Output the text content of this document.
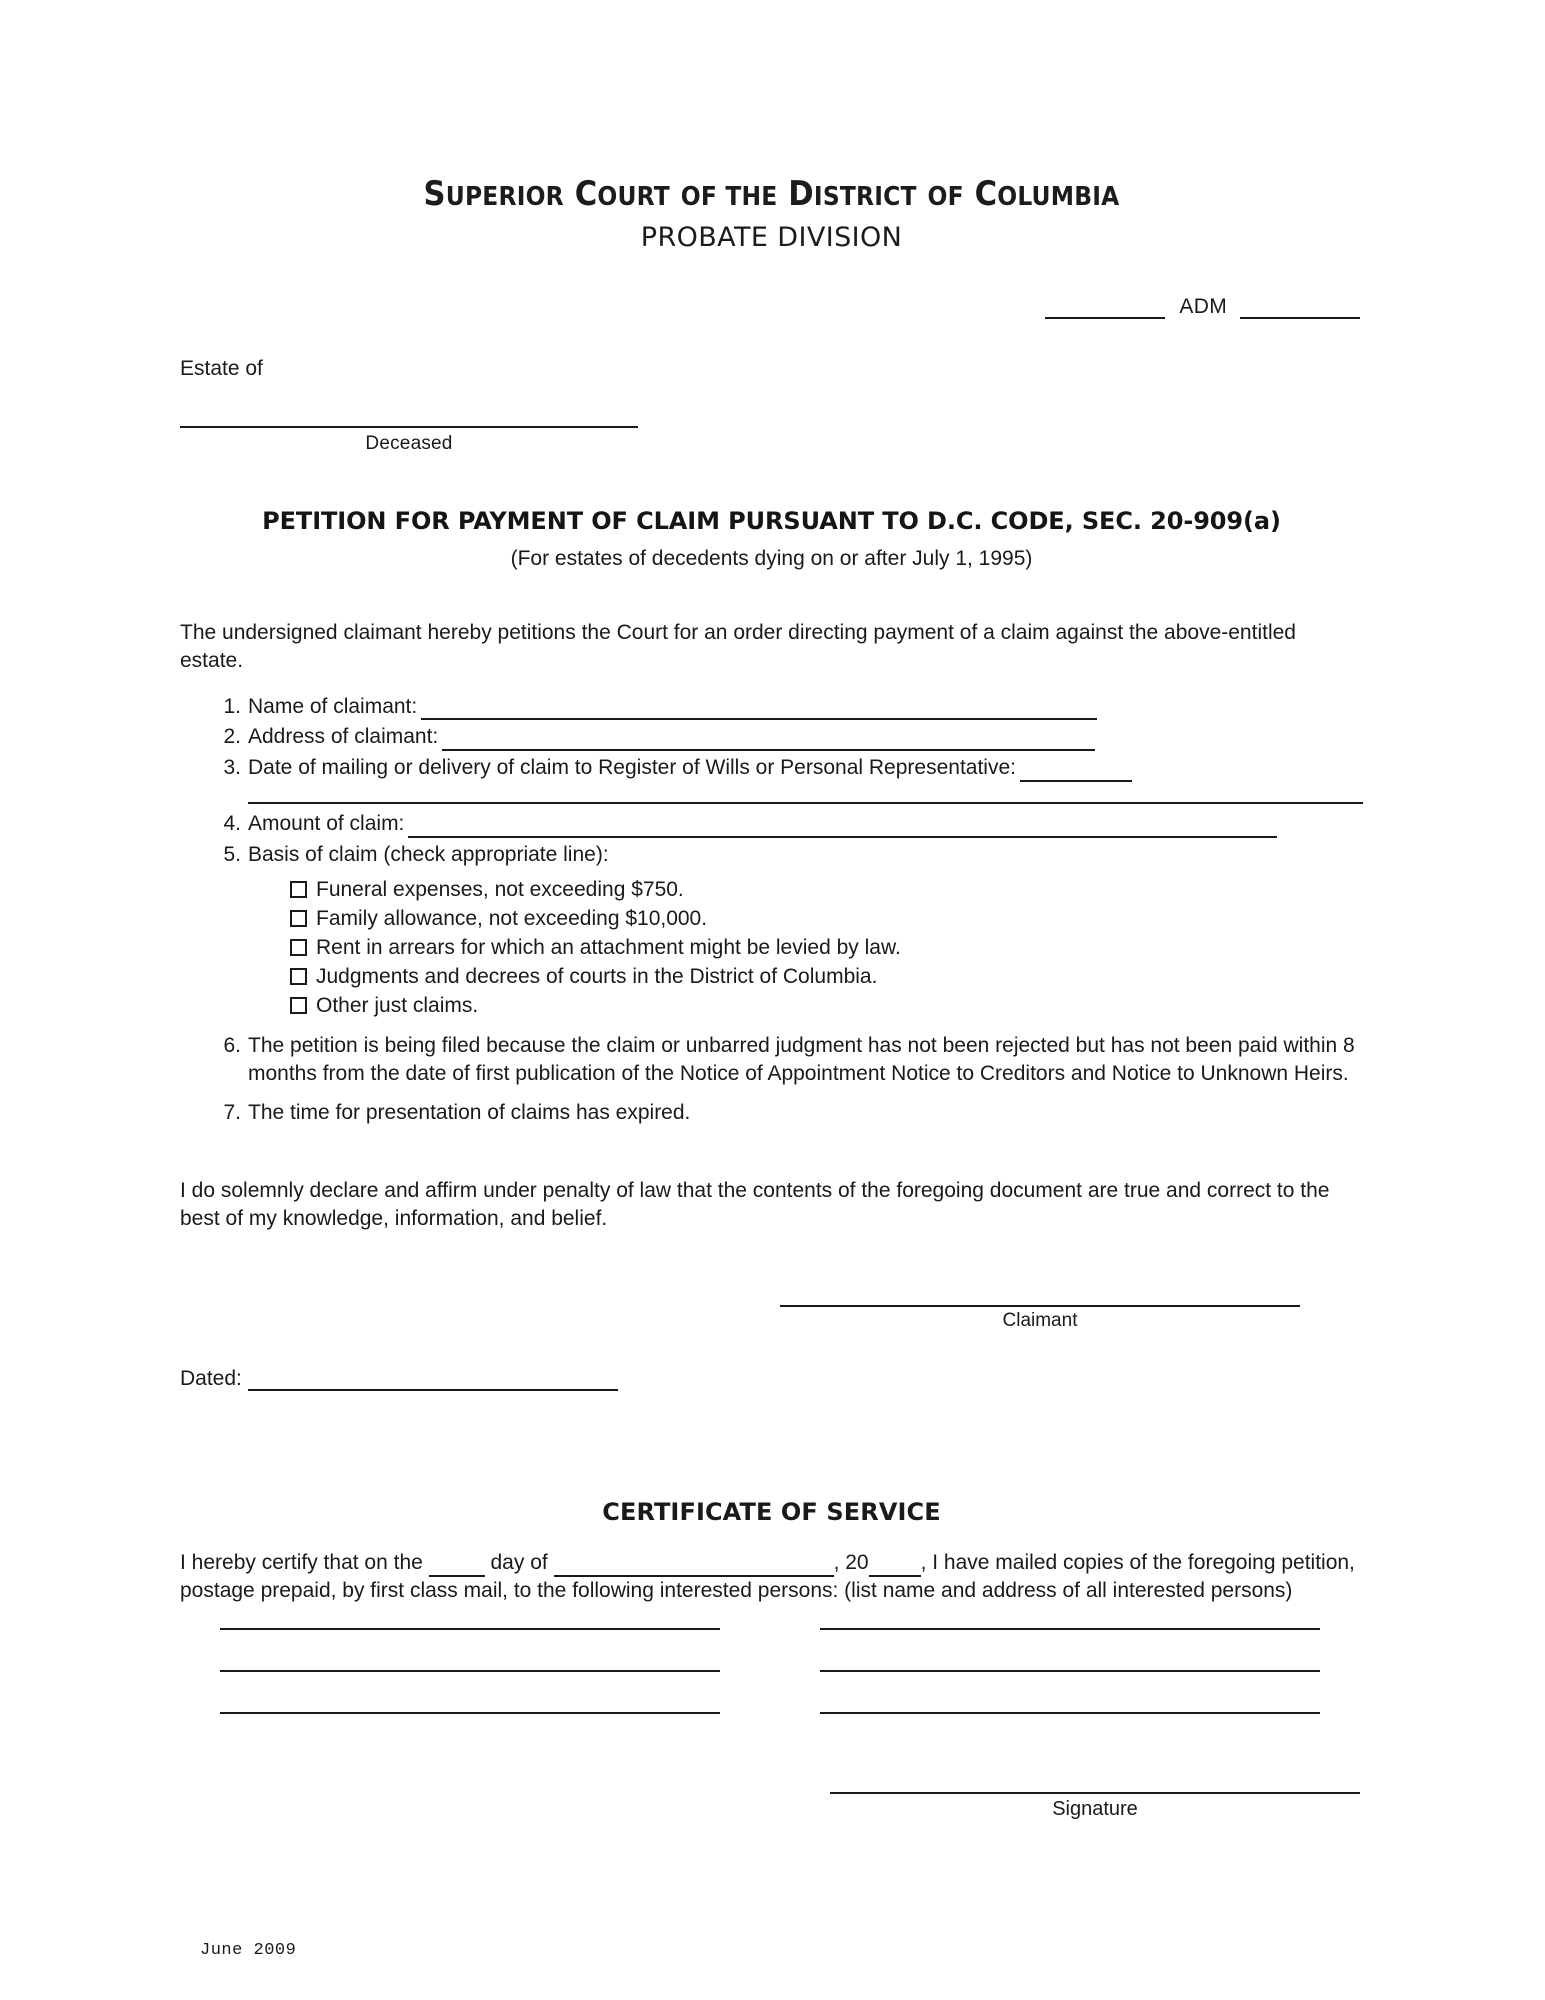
SUPERIOR COURT OF THE DISTRICT OF COLUMBIA
PROBATE DIVISION
ADM
Estate of
Deceased
PETITION FOR PAYMENT OF CLAIM PURSUANT TO D.C. CODE, SEC. 20-909(a)
(For estates of decedents dying on or after July 1, 1995)
The undersigned claimant hereby petitions the Court for an order directing payment of a claim against the above-entitled estate.
1. Name of claimant:
2. Address of claimant:
3. Date of mailing or delivery of claim to Register of Wills or Personal Representative:
4. Amount of claim:
5. Basis of claim (check appropriate line):
Funeral expenses, not exceeding $750.
Family allowance, not exceeding $10,000.
Rent in arrears for which an attachment might be levied by law.
Judgments and decrees of courts in the District of Columbia.
Other just claims.
6. The petition is being filed because the claim or unbarred judgment has not been rejected but has not been paid within 8 months from the date of first publication of the Notice of Appointment Notice to Creditors and Notice to Unknown Heirs.
7. The time for presentation of claims has expired.
I do solemnly declare and affirm under penalty of law that the contents of the foregoing document are true and correct to the best of my knowledge, information, and belief.
Claimant
Dated:
CERTIFICATE OF SERVICE
I hereby certify that on the	day of	, 20 , I have mailed copies of the foregoing petition, postage prepaid, by first class mail, to the following interested persons: (list name and address of all interested persons)
Signature
June 2009
